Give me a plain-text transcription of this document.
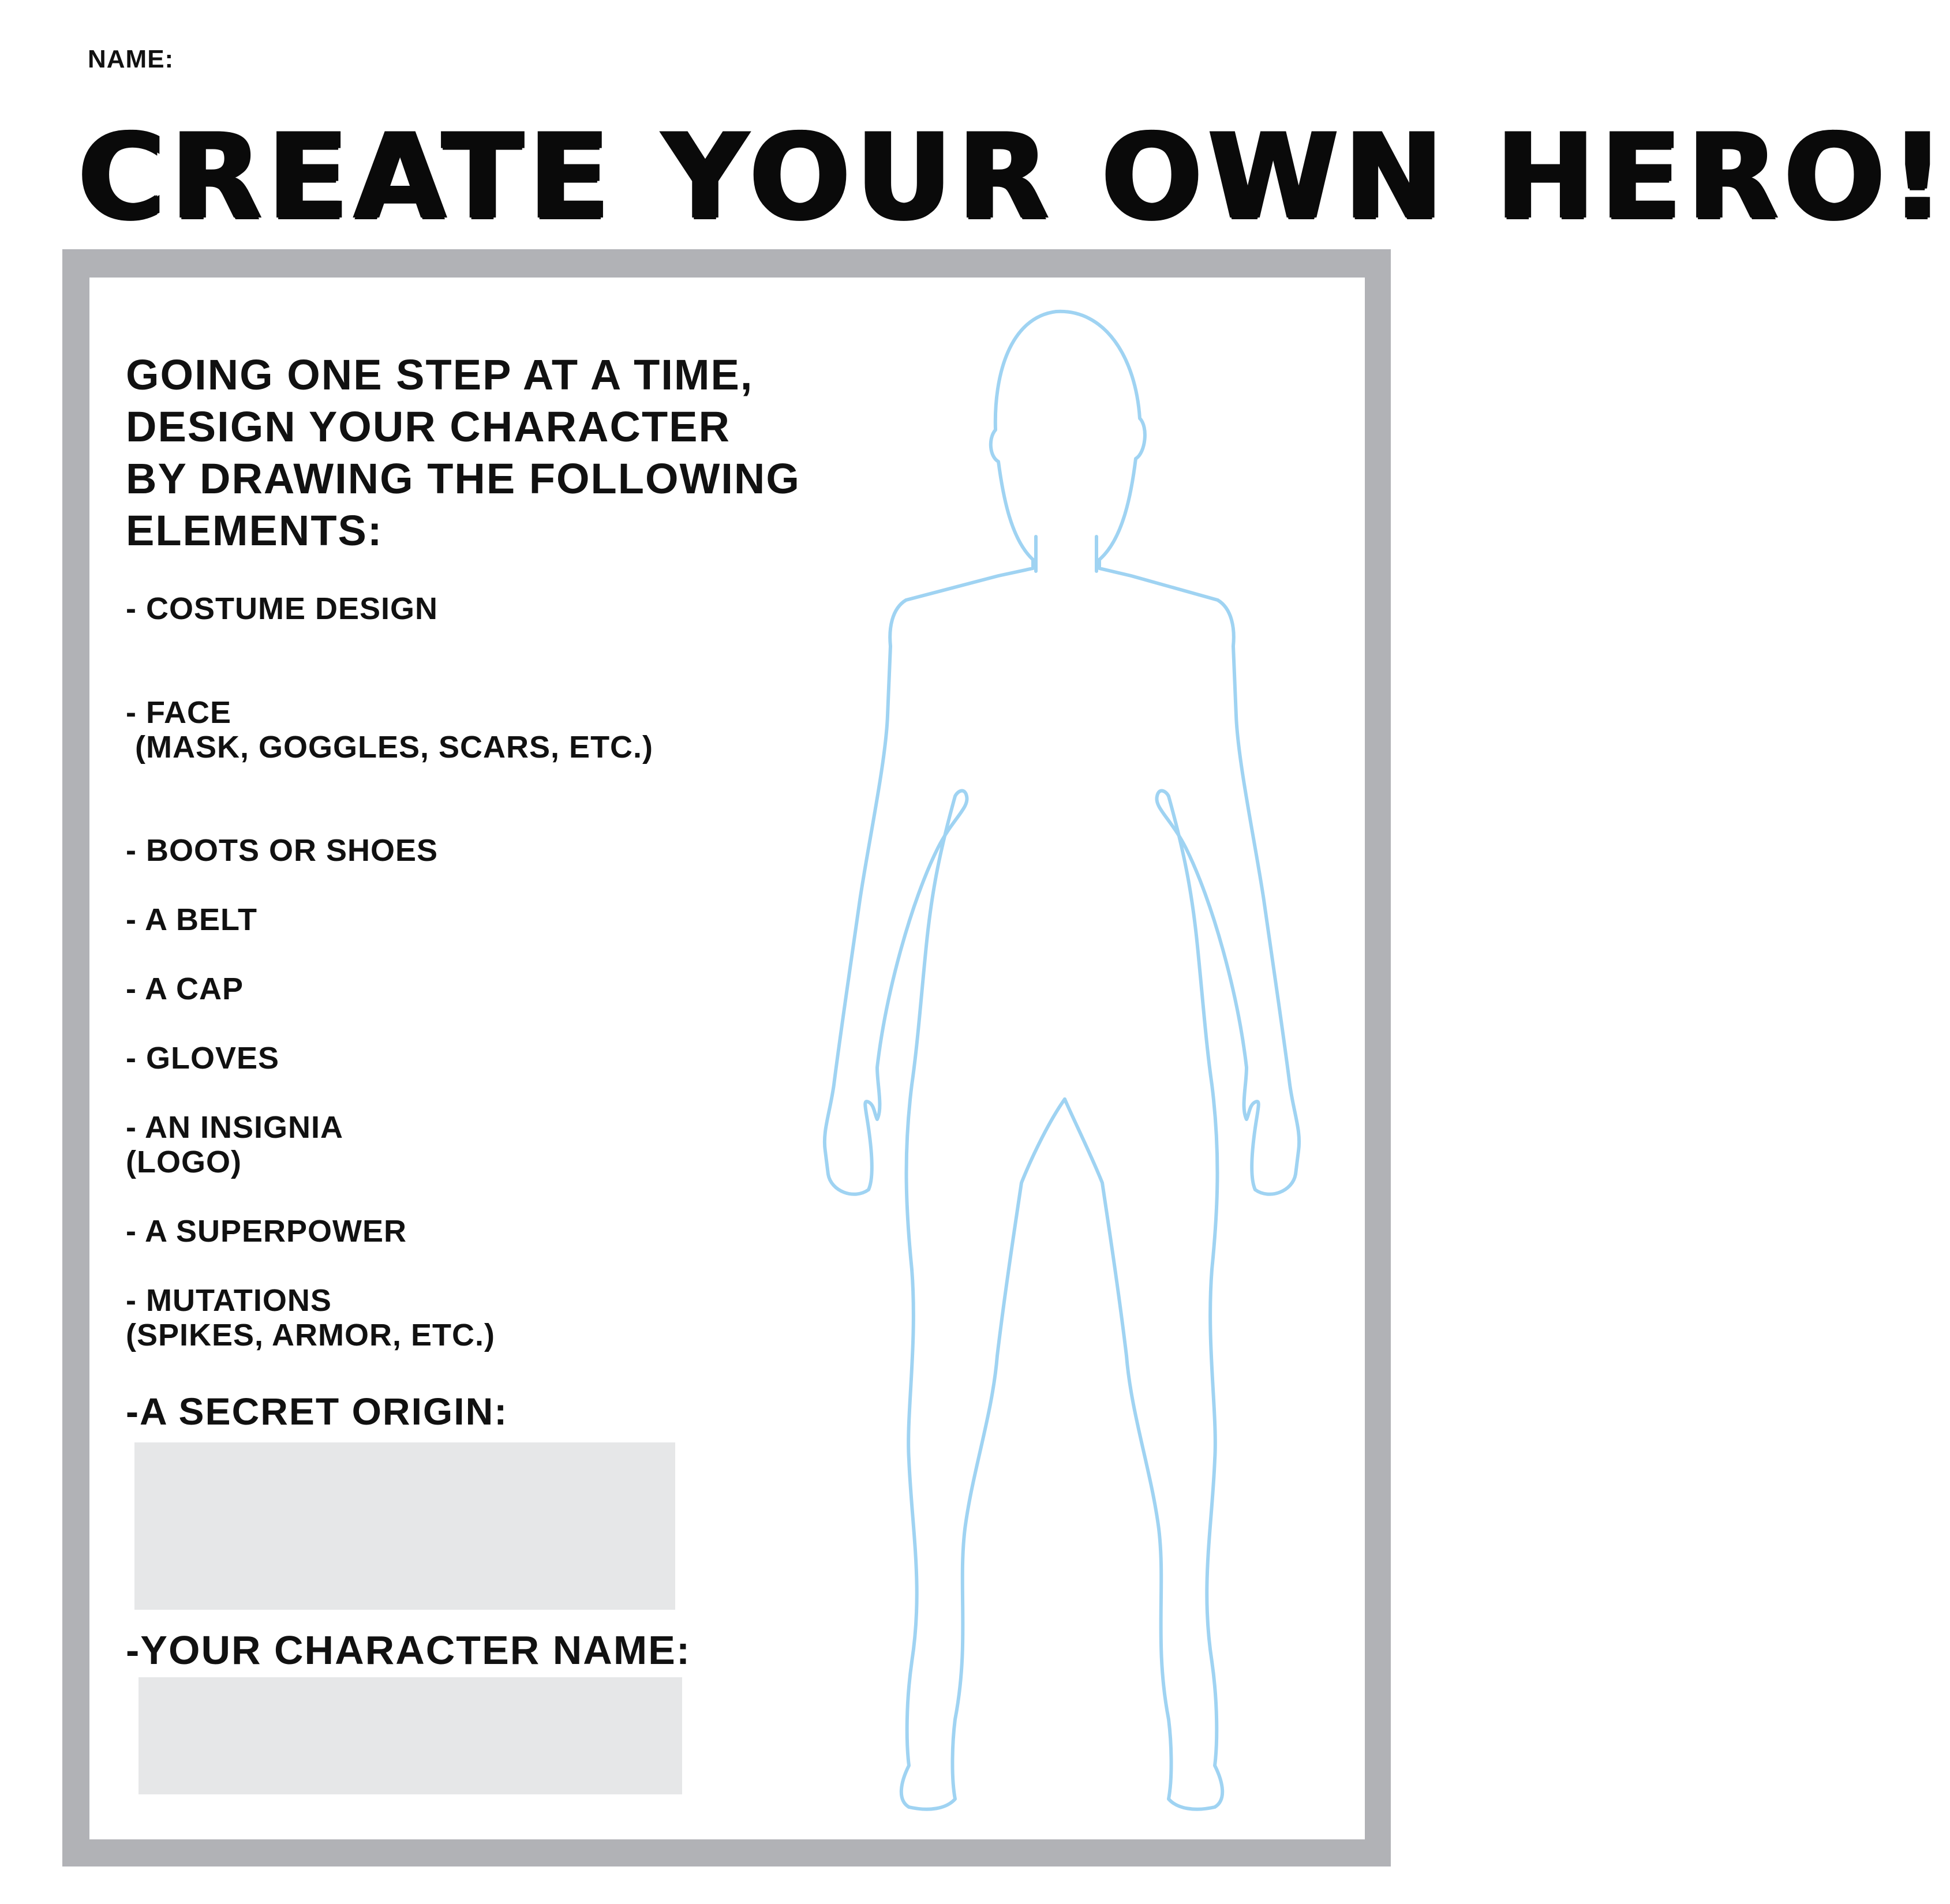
NAME:
CREATE YOUR OWN HERO!
GOING ONE STEP AT A TIME,
DESIGN YOUR CHARACTER
BY DRAWING THE FOLLOWING
ELEMENTS:
- COSTUME DESIGN
- FACE
(MASK, GOGGLES, SCARS, ETC.)
- BOOTS OR SHOES
- A BELT
- A CAP
- GLOVES
- AN INSIGNIA
(LOGO)
- A SUPERPOWER
- MUTATIONS
(SPIKES, ARMOR, ETC.)
-A SECRET ORIGIN:
-YOUR CHARACTER NAME:
